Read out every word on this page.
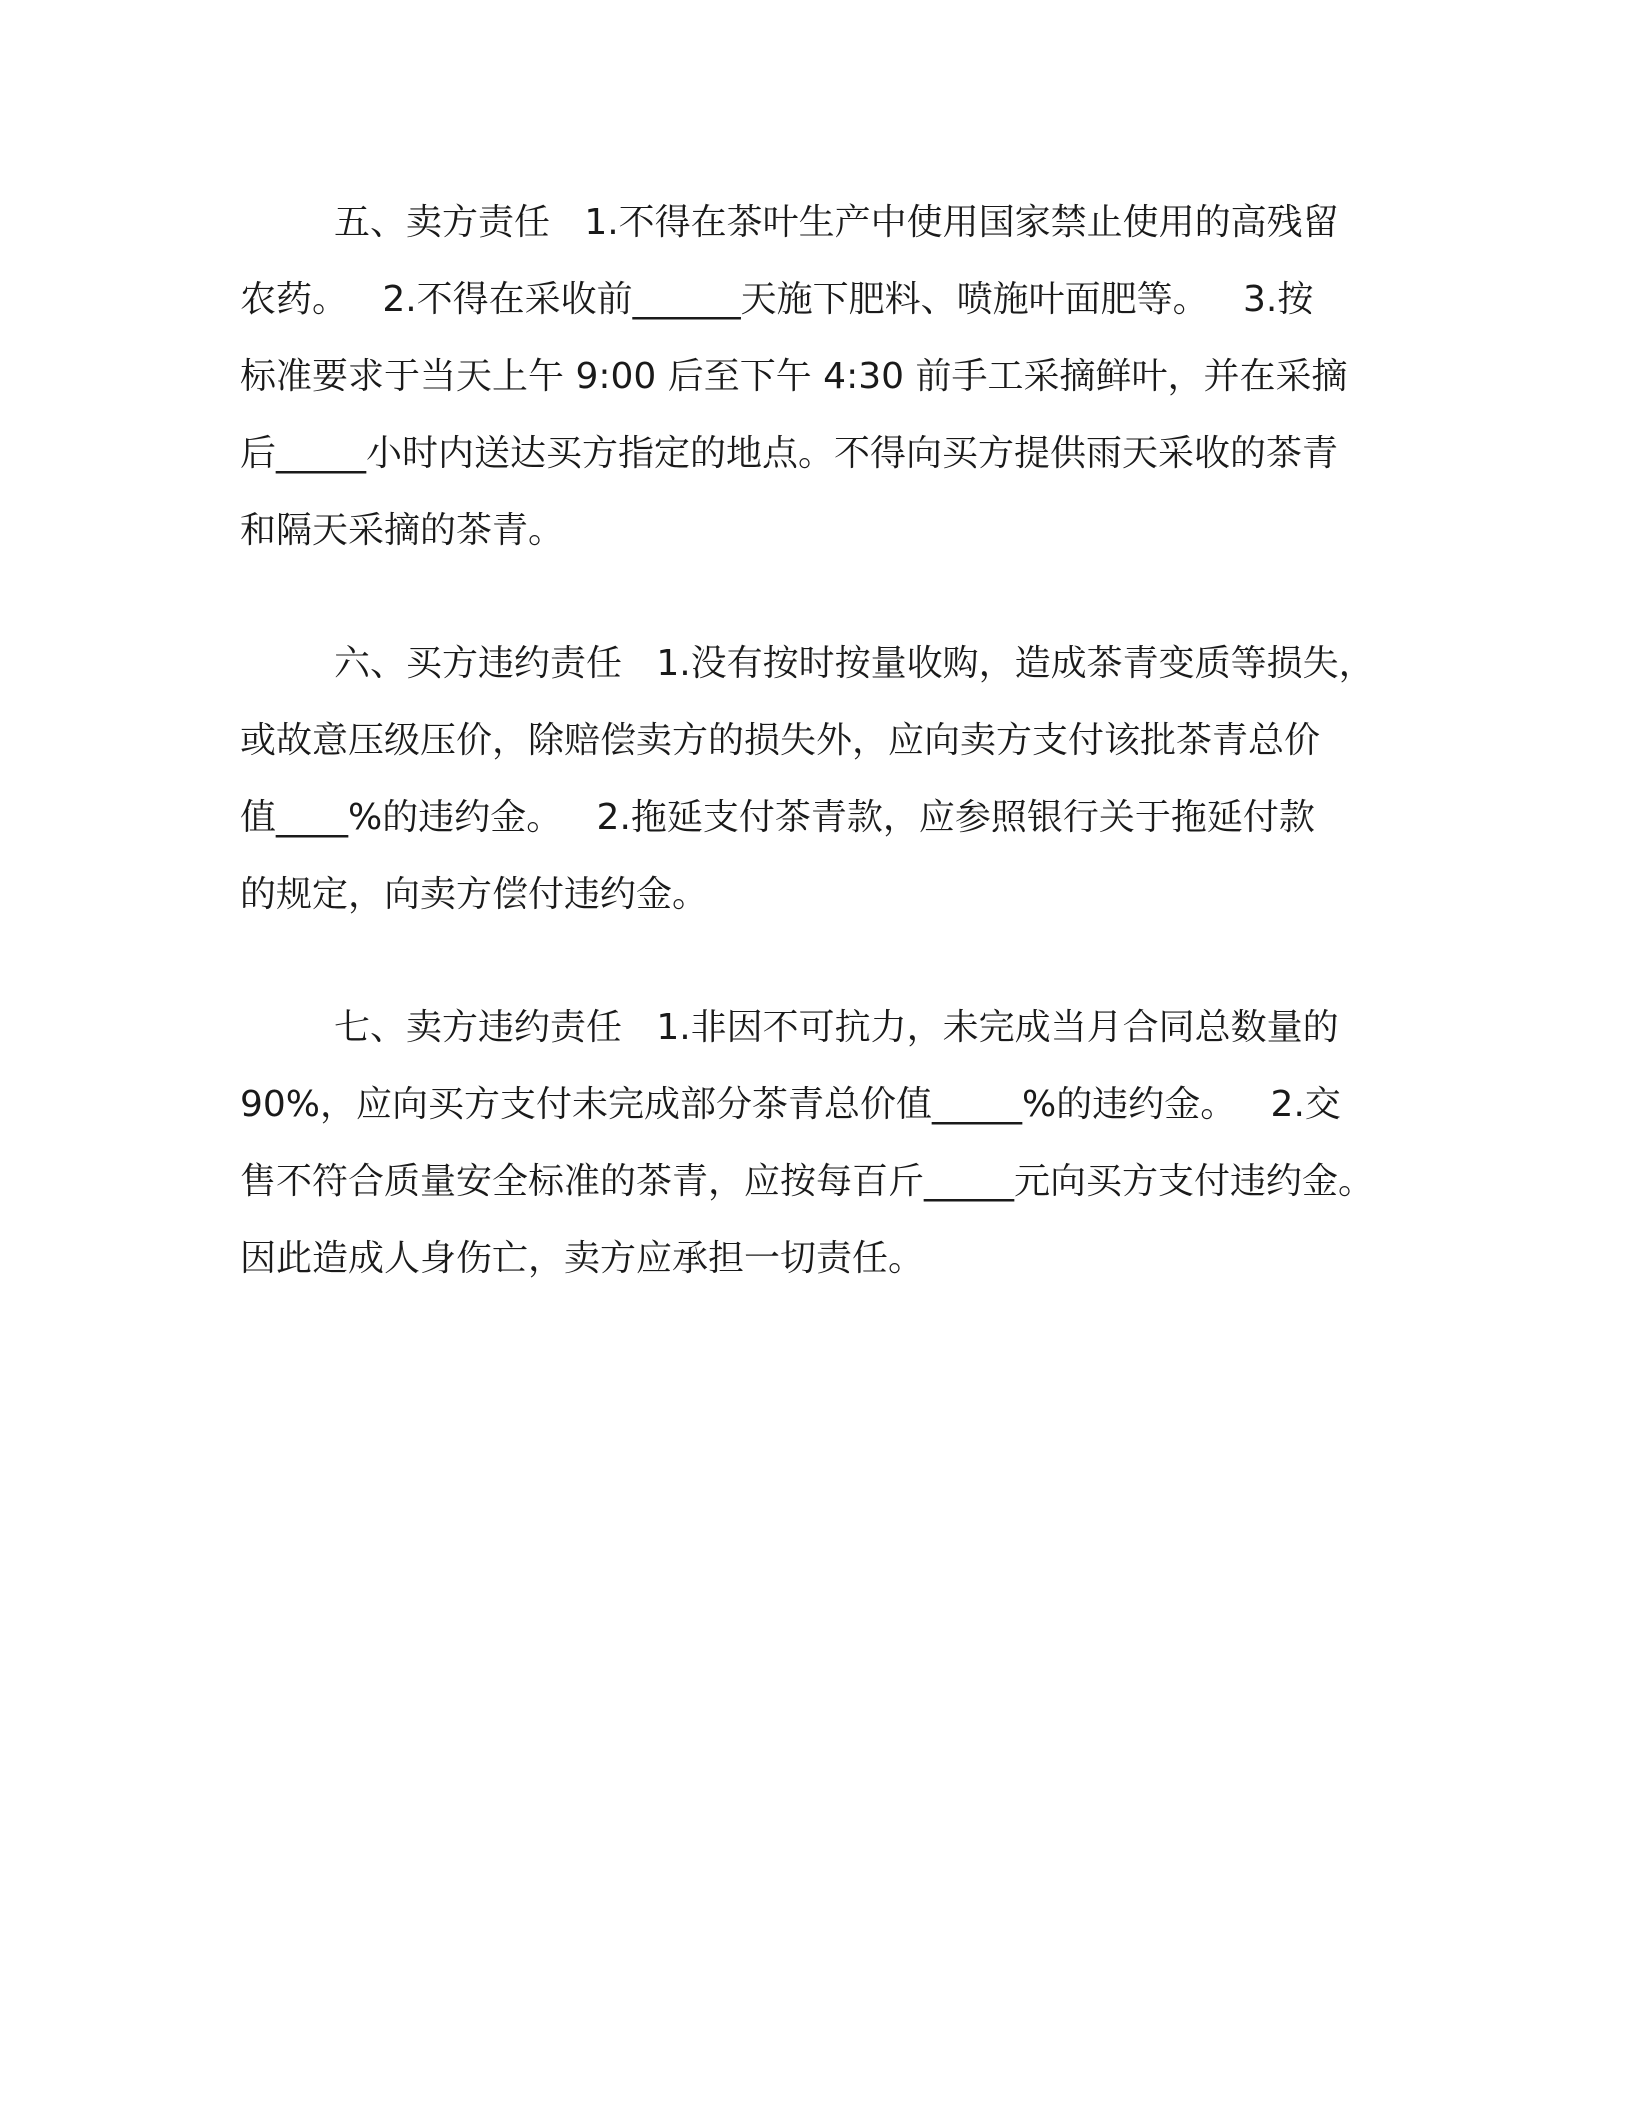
五、卖方责任   1.不得在茶叶生产中使用国家禁止使用的高残留
农药。   2.不得在采收前______天施下肥料、喷施叶面肥等。   3.按
标准要求于当天上午 9:00 后至下午 4:30 前手工采摘鲜叶，并在采摘
后_____小时内送达买方指定的地点。不得向买方提供雨天采收的茶青
和隔天采摘的茶青。

六、买方违约责任   1.没有按时按量收购，造成茶青变质等损失，
或故意压级压价，除赔偿卖方的损失外，应向卖方支付该批茶青总价
值____%的违约金。   2.拖延支付茶青款，应参照银行关于拖延付款
的规定，向卖方偿付违约金。

七、卖方违约责任   1.非因不可抗力，未完成当月合同总数量的
90%，应向买方支付未完成部分茶青总价值_____%的违约金。   2.交
售不符合质量安全标准的茶青，应按每百斤_____元向买方支付违约金。
因此造成人身伤亡，卖方应承担一切责任。
